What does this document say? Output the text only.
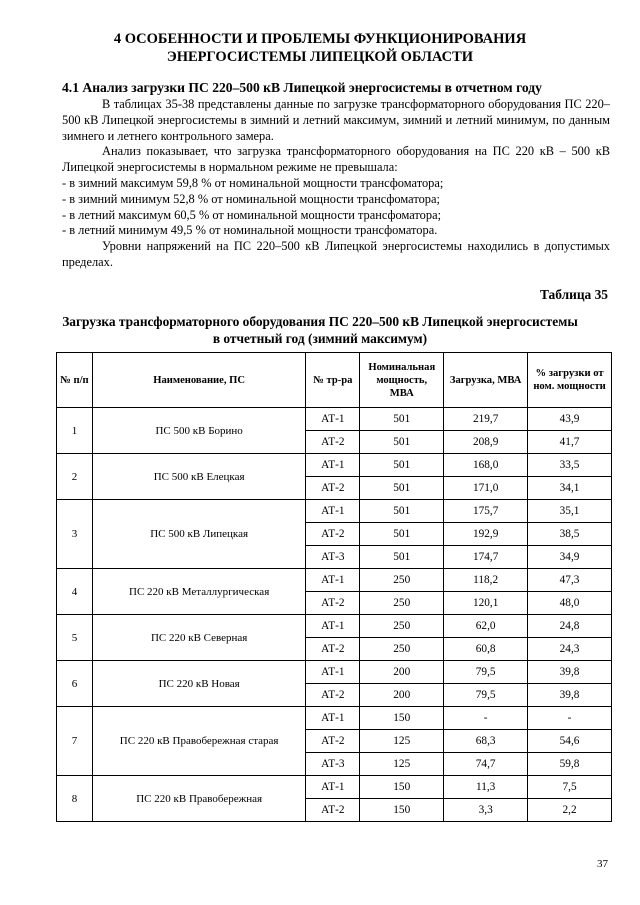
4 ОСОБЕННОСТИ И ПРОБЛЕМЫ ФУНКЦИОНИРОВАНИЯ
ЭНЕРГОСИСТЕМЫ ЛИПЕЦКОЙ ОБЛАСТИ
4.1 Анализ загрузки ПС 220–500 кВ Липецкой энергосистемы в отчетном году

В таблицах 35-38 представлены данные по загрузке трансформаторного оборудования ПС 220–500 кВ Липецкой энергосистемы в зимний и летний максимум, зимний и летний минимум, по данным зимнего и летнего контрольного замера.

Анализ показывает, что загрузка трансформаторного оборудования на ПС 220 кВ – 500 кВ Липецкой энергосистемы в нормальном режиме не превышала:

- в зимний максимум 59,8 % от номинальной мощности трансфоматора;

- в зимний минимум 52,8 % от номинальной мощности трансфоматора;

- в летний максимум 60,5 % от номинальной мощности трансфоматора;

- в летний минимум 49,5 % от номинальной мощности трансфоматора.

Уровни напряжений на ПС 220–500 кВ Липецкой энергосистемы находились в допустимых пределах.

Таблица 35
Загрузка трансформаторного оборудования ПС 220–500 кВ Липецкой энергосистемы
в отчетный год (зимний максимум)
№ п/п	Наименование, ПС	№ тр-ра	Номинальная мощность, МВА	Загрузка, МВА	% загрузки от ном. мощности
1	ПС 500 кВ Борино	АТ-1	501	219,7	43,9
		АТ-2	501	208,9	41,7
2	ПС 500 кВ Елецкая	АТ-1	501	168,0	33,5
		АТ-2	501	171,0	34,1
3	ПС 500 кВ Липецкая	АТ-1	501	175,7	35,1
		АТ-2	501	192,9	38,5
		АТ-3	501	174,7	34,9
4	ПС 220 кВ Металлургическая	АТ-1	250	118,2	47,3
		АТ-2	250	120,1	48,0
5	ПС 220 кВ Северная	АТ-1	250	62,0	24,8
		АТ-2	250	60,8	24,3
6	ПС 220 кВ Новая	АТ-1	200	79,5	39,8
		АТ-2	200	79,5	39,8
7	ПС 220 кВ Правобережная старая	АТ-1	150	-	-
		АТ-2	125	68,3	54,6
		АТ-3	125	74,7	59,8
8	ПС 220 кВ Правобережная	АТ-1	150	11,3	7,5
		АТ-2	150	3,3	2,2
37
